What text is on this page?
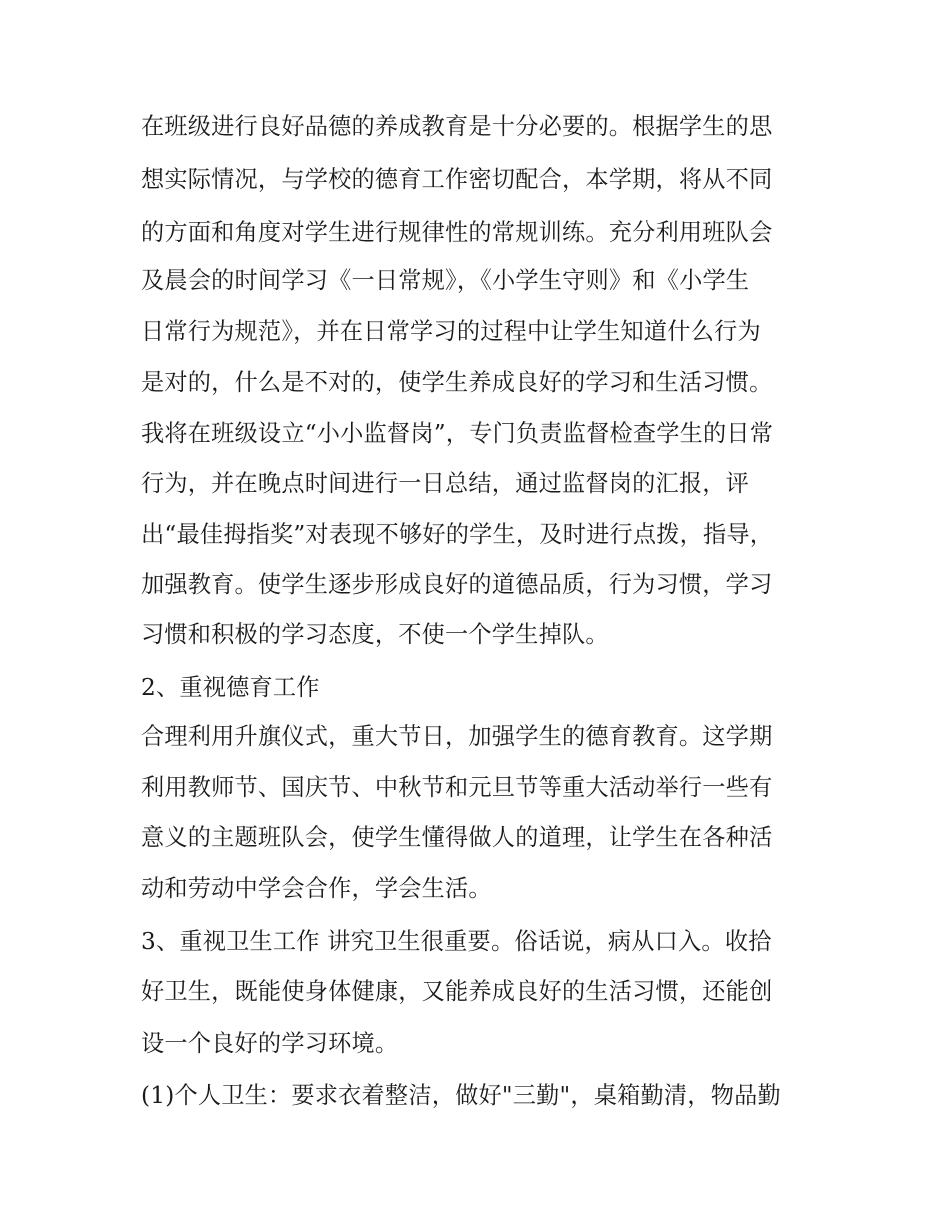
在班级进行良好品德的养成教育是十分必要的。根据学生的思

想实际情况，与学校的德育工作密切配合，本学期，将从不同

的方面和角度对学生进行规律性的常规训练。充分利用班队会

及晨会的时间学习《一日常规》，《小学生守则》和《小学生

日常行为规范》，并在日常学习的过程中让学生知道什么行为

是对的，什么是不对的，使学生养成良好的学习和生活习惯。

我将在班级设立“小小监督岗”，专门负责监督检查学生的日常

行为，并在晚点时间进行一日总结，通过监督岗的汇报，评

出“最佳拇指奖”对表现不够好的学生，及时进行点拨，指导，

加强教育。使学生逐步形成良好的道德品质，行为习惯，学习

习惯和积极的学习态度，不使一个学生掉队。

2、重视德育工作

合理利用升旗仪式，重大节日，加强学生的德育教育。这学期

利用教师节、国庆节、中秋节和元旦节等重大活动举行一些有

意义的主题班队会，使学生懂得做人的道理，让学生在各种活

动和劳动中学会合作，学会生活。

3、重视卫生工作 讲究卫生很重要。俗话说，病从口入。收拾

好卫生，既能使身体健康，又能养成良好的生活习惯，还能创

设一个良好的学习环境。

(1)个人卫生：要求衣着整洁，做好"三勤"，桌箱勤清，物品勤
